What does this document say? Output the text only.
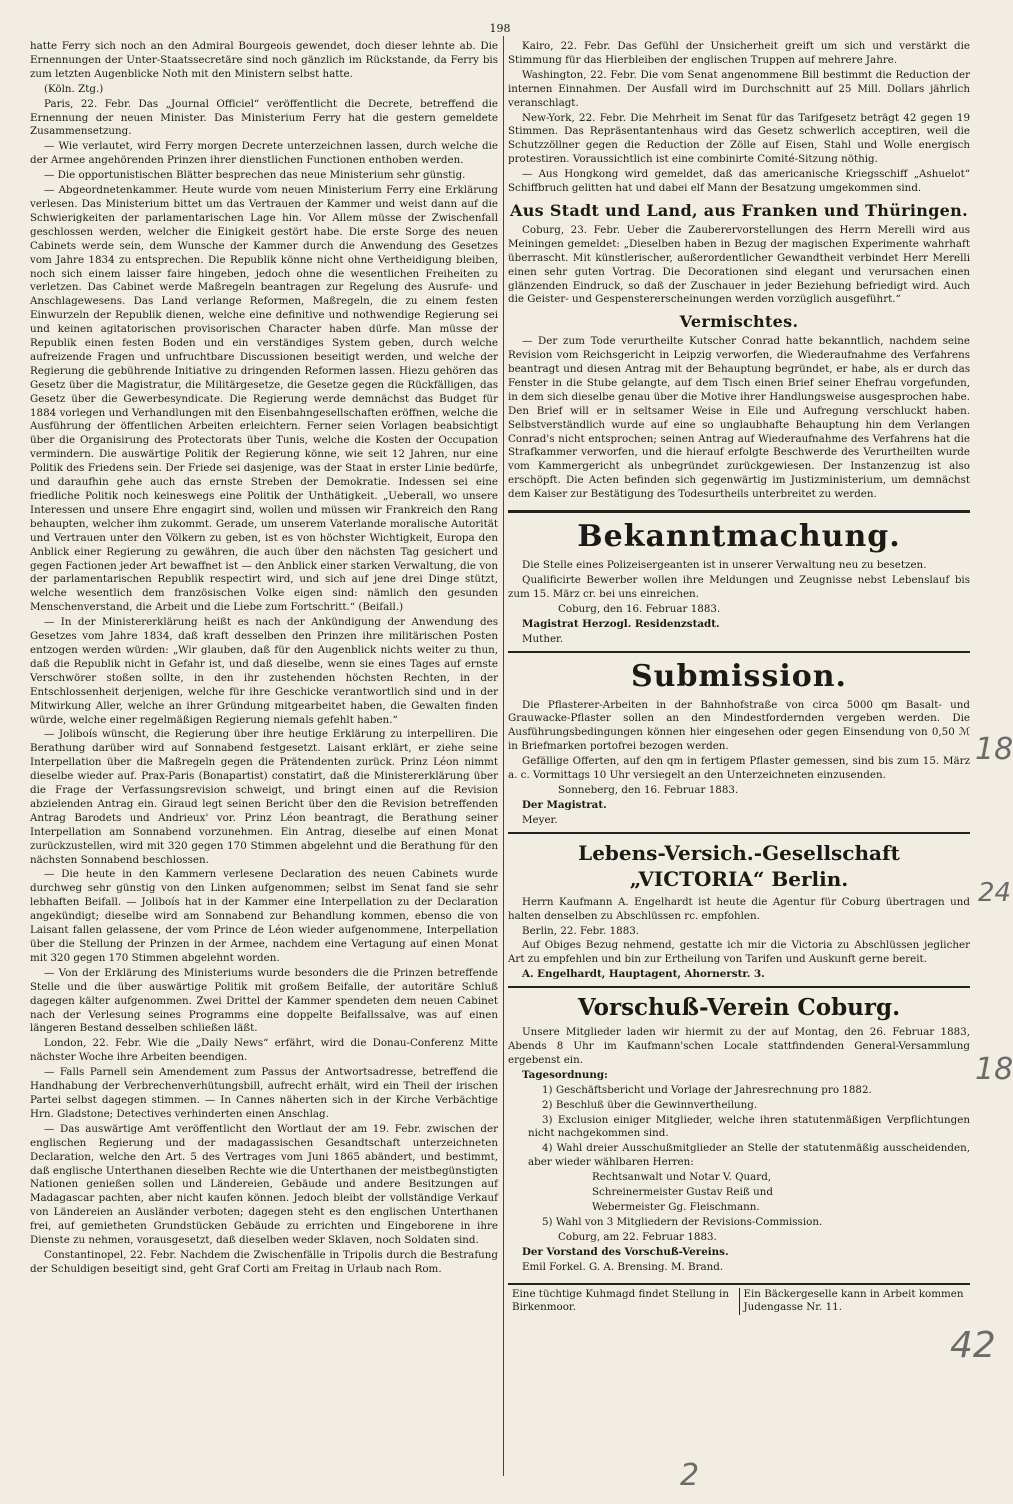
198

hatte Ferry sich noch an den Admiral Bourgeois gewendet, doch dieser lehnte ab. Die Ernennungen der Unter-Staatssecretäre sind noch gänzlich im Rückstande, da Ferry bis zum letzten Augenblicke Noth mit den Ministern selbst hatte.

(Köln. Ztg.)

Paris, 22. Febr. Das „Journal Officiel“ veröffentlicht die Decrete, betreffend die Ernennung der neuen Minister. Das Ministerium Ferry hat die gestern gemeldete Zusammensetzung.

— Wie verlautet, wird Ferry morgen Decrete unterzeichnen lassen, durch welche die der Armee angehörenden Prinzen ihrer dienstlichen Functionen enthoben werden.

— Die opportunistischen Blätter besprechen das neue Ministerium sehr günstig.

— Abgeordnetenkammer. Heute wurde vom neuen Ministerium Ferry eine Erklärung verlesen. Das Ministerium bittet um das Vertrauen der Kammer und weist dann auf die Schwierigkeiten der parlamentarischen Lage hin. Vor Allem müsse der Zwischenfall geschlossen werden, welcher die Einigkeit gestört habe. Die erste Sorge des neuen Cabinets werde sein, dem Wunsche der Kammer durch die Anwendung des Gesetzes vom Jahre 1834 zu entsprechen. Die Republik könne nicht ohne Vertheidigung bleiben, noch sich einem laisser faire hingeben, jedoch ohne die wesentlichen Freiheiten zu verletzen. Das Cabinet werde Maßregeln beantragen zur Regelung des Ausrufe- und Anschlagewesens. Das Land verlange Reformen, Maßregeln, die zu einem festen Einwurzeln der Republik dienen, welche eine definitive und nothwendige Regierung sei und keinen agitatorischen provisorischen Character haben dürfe. Man müsse der Republik einen festen Boden und ein verständiges System geben, durch welche aufreizende Fragen und unfruchtbare Discussionen beseitigt werden, und welche der Regierung die gebührende Initiative zu dringenden Reformen lassen. Hiezu gehören das Gesetz über die Magistratur, die Militärgesetze, die Gesetze gegen die Rückfälligen, das Gesetz über die Gewerbesyndicate. Die Regierung werde demnächst das Budget für 1884 vorlegen und Verhandlungen mit den Eisenbahngesellschaften eröffnen, welche die Ausführung der öffentlichen Arbeiten erleichtern. Ferner seien Vorlagen beabsichtigt über die Organisirung des Protectorats über Tunis, welche die Kosten der Occupation vermindern. Die auswärtige Politik der Regierung könne, wie seit 12 Jahren, nur eine Politik des Friedens sein. Der Friede sei dasjenige, was der Staat in erster Linie bedürfe, und daraufhin gehe auch das ernste Streben der Demokratie. Indessen sei eine friedliche Politik noch keineswegs eine Politik der Unthätigkeit. „Ueberall, wo unsere Interessen und unsere Ehre engagirt sind, wollen und müssen wir Frankreich den Rang behaupten, welcher ihm zukommt. Gerade, um unserem Vaterlande moralische Autorität und Vertrauen unter den Völkern zu geben, ist es von höchster Wichtigkeit, Europa den Anblick einer Regierung zu gewähren, die auch über den nächsten Tag gesichert und gegen Factionen jeder Art bewaffnet ist — den Anblick einer starken Verwaltung, die von der parlamentarischen Republik respectirt wird, und sich auf jene drei Dinge stützt, welche wesentlich dem französischen Volke eigen sind: nämlich den gesunden Menschenverstand, die Arbeit und die Liebe zum Fortschritt.“ (Beifall.)

— In der Ministererklärung heißt es nach der Ankündigung der Anwendung des Gesetzes vom Jahre 1834, daß kraft desselben den Prinzen ihre militärischen Posten entzogen werden würden: „Wir glauben, daß für den Augenblick nichts weiter zu thun, daß die Republik nicht in Gefahr ist, und daß dieselbe, wenn sie eines Tages auf ernste Verschwörer stoßen sollte, in den ihr zustehenden höchsten Rechten, in der Entschlossenheit derjenigen, welche für ihre Geschicke verantwortlich sind und in der Mitwirkung Aller, welche an ihrer Gründung mitgearbeitet haben, die Gewalten finden würde, welche einer regelmäßigen Regierung niemals gefehlt haben.“

— Joliboís wünscht, die Regierung über ihre heutige Erklärung zu interpelliren. Die Berathung darüber wird auf Sonnabend festgesetzt. Laisant erklärt, er ziehe seine Interpellation über die Maßregeln gegen die Prätendenten zurück. Prinz Léon nimmt dieselbe wieder auf. Prax-Paris (Bonapartist) constatirt, daß die Ministererklärung über die Frage der Verfassungsrevision schweigt, und bringt einen auf die Revision abzielenden Antrag ein. Giraud legt seinen Bericht über den die Revision betreffenden Antrag Barodets und Andrieux' vor. Prinz Léon beantragt, die Berathung seiner Interpellation am Sonnabend vorzunehmen. Ein Antrag, dieselbe auf einen Monat zurückzustellen, wird mit 320 gegen 170 Stimmen abgelehnt und die Berathung für den nächsten Sonnabend beschlossen.

— Die heute in den Kammern verlesene Declaration des neuen Cabinets wurde durchweg sehr günstig von den Linken aufgenommen; selbst im Senat fand sie sehr lebhaften Beifall. — Joliboís hat in der Kammer eine Interpellation zu der Declaration angekündigt; dieselbe wird am Sonnabend zur Behandlung kommen, ebenso die von Laisant fallen gelassene, der vom Prince de Léon wieder aufgenommene, Interpellation über die Stellung der Prinzen in der Armee, nachdem eine Vertagung auf einen Monat mit 320 gegen 170 Stimmen abgelehnt worden.

— Von der Erklärung des Ministeriums wurde besonders die die Prinzen betreffende Stelle und die über auswärtige Politik mit großem Beifalle, der autoritäre Schluß dagegen kälter aufgenommen. Zwei Drittel der Kammer spendeten dem neuen Cabinet nach der Verlesung seines Programms eine doppelte Beifallssalve, was auf einen längeren Bestand desselben schließen läßt.

London, 22. Febr. Wie die „Daily News“ erfährt, wird die Donau-Conferenz Mitte nächster Woche ihre Arbeiten beendigen.

— Falls Parnell sein Amendement zum Passus der Antwortsadresse, betreffend die Handhabung der Verbrechenverhütungsbill, aufrecht erhält, wird ein Theil der irischen Partei selbst dagegen stimmen. — In Cannes näherten sich in der Kirche Verbächtige Hrn. Gladstone; Detectives verhinderten einen Anschlag.

— Das auswärtige Amt veröffentlicht den Wortlaut der am 19. Febr. zwischen der englischen Regierung und der madagassischen Gesandtschaft unterzeichneten Declaration, welche den Art. 5 des Vertrages vom Juni 1865 abändert, und bestimmt, daß englische Unterthanen dieselben Rechte wie die Unterthanen der meistbegünstigten Nationen genießen sollen und Ländereien, Gebäude und andere Besitzungen auf Madagascar pachten, aber nicht kaufen können. Jedoch bleibt der vollständige Verkauf von Ländereien an Ausländer verboten; dagegen steht es den englischen Unterthanen frei, auf gemietheten Grundstücken Gebäude zu errichten und Eingeborene in ihre Dienste zu nehmen, vorausgesetzt, daß dieselben weder Sklaven, noch Soldaten sind.

Constantinopel, 22. Febr. Nachdem die Zwischenfälle in Tripolis durch die Bestrafung der Schuldigen beseitigt sind, geht Graf Corti am Freitag in Urlaub nach Rom.

Kairo, 22. Febr. Das Gefühl der Unsicherheit greift um sich und verstärkt die Stimmung für das Hierbleiben der englischen Truppen auf mehrere Jahre.

Washington, 22. Febr. Die vom Senat angenommene Bill bestimmt die Reduction der internen Einnahmen. Der Ausfall wird im Durchschnitt auf 25 Mill. Dollars jährlich veranschlagt.

New-York, 22. Febr. Die Mehrheit im Senat für das Tarifgesetz beträgt 42 gegen 19 Stimmen. Das Repräsentantenhaus wird das Gesetz schwerlich acceptiren, weil die Schutzzöllner gegen die Reduction der Zölle auf Eisen, Stahl und Wolle energisch protestiren. Voraussichtlich ist eine combinirte Comité-Sitzung nöthig.

— Aus Hongkong wird gemeldet, daß das americanische Kriegsschiff „Ashuelot“ Schiffbruch gelitten hat und dabei elf Mann der Besatzung umgekommen sind.

Aus Stadt und Land, aus Franken und Thüringen.

Coburg, 23. Febr. Ueber die Zauberervorstellungen des Herrn Merelli wird aus Meiningen gemeldet: „Dieselben haben in Bezug der magischen Experimente wahrhaft überrascht. Mit künstlerischer, außerordentlicher Gewandtheit verbindet Herr Merelli einen sehr guten Vortrag. Die Decorationen sind elegant und verursachen einen glänzenden Eindruck, so daß der Zuschauer in jeder Beziehung befriedigt wird. Auch die Geister- und Gespenstererscheinungen werden vorzüglich ausgeführt.“

Vermischtes.

— Der zum Tode verurtheilte Kutscher Conrad hatte bekanntlich, nachdem seine Revision vom Reichsgericht in Leipzig verworfen, die Wiederaufnahme des Verfahrens beantragt und diesen Antrag mit der Behauptung begründet, er habe, als er durch das Fenster in die Stube gelangte, auf dem Tisch einen Brief seiner Ehefrau vorgefunden, in dem sich dieselbe genau über die Motive ihrer Handlungsweise ausgesprochen habe. Den Brief will er in seltsamer Weise in Eile und Aufregung verschluckt haben. Selbstverständlich wurde auf eine so unglaubhafte Behauptung hin dem Verlangen Conrad's nicht entsprochen; seinen Antrag auf Wiederaufnahme des Verfahrens hat die Strafkammer verworfen, und die hierauf erfolgte Beschwerde des Verurtheilten wurde vom Kammergericht als unbegründet zurückgewiesen. Der Instanzenzug ist also erschöpft. Die Acten befinden sich gegenwärtig im Justizministerium, um demnächst dem Kaiser zur Bestätigung des Todesurtheils unterbreitet zu werden.

Bekanntmachung.

Die Stelle eines Polizeisergeanten ist in unserer Verwaltung neu zu besetzen.

Qualificirte Bewerber wollen ihre Meldungen und Zeugnisse nebst Lebenslauf bis zum 15. März cr. bei uns einreichen.

Coburg, den 16. Februar 1883.

Magistrat Herzogl. Residenzstadt.

Muther.

Submission.

Die Pflasterer-Arbeiten in der Bahnhofstraße von circa 5000 qm Basalt- und Grauwacke-Pflaster sollen an den Mindestfordernden vergeben werden. Die Ausführungsbedingungen können hier eingesehen oder gegen Einsendung von 0,50 ℳ in Briefmarken portofrei bezogen werden.

Gefällige Offerten, auf den qm in fertigem Pflaster gemessen, sind bis zum 15. März a. c. Vormittags 10 Uhr versiegelt an den Unterzeichneten einzusenden.

Sonneberg, den 16. Februar 1883.

Der Magistrat.

Meyer.

Lebens-Versich.-Gesellschaft „VICTORIA“ Berlin.

Herrn Kaufmann A. Engelhardt ist heute die Agentur für Coburg übertragen und halten denselben zu Abschlüssen rc. empfohlen.

Berlin, 22. Febr. 1883.

Auf Obiges Bezug nehmend, gestatte ich mir die Victoria zu Abschlüssen jeglicher Art zu empfehlen und bin zur Ertheilung von Tarifen und Auskunft gerne bereit.

A. Engelhardt, Hauptagent, Ahornerstr. 3.

Vorschuß-Verein Coburg.

Unsere Mitglieder laden wir hiermit zu der auf Montag, den 26. Februar 1883, Abends 8 Uhr im Kaufmann'schen Locale stattfindenden General-Versammlung ergebenst ein.

Tagesordnung:

1) Geschäftsbericht und Vorlage der Jahresrechnung pro 1882.

2) Beschluß über die Gewinnvertheilung.

3) Exclusion einiger Mitglieder, welche ihren statutenmäßigen Verpflichtungen nicht nachgekommen sind.

4) Wahl dreier Ausschußmitglieder an Stelle der statutenmäßig ausscheidenden, aber wieder wählbaren Herren:

Rechtsanwalt und Notar V. Quard,

Schreinermeister Gustav Reiß und

Webermeister Gg. Fleischmann.

5) Wahl von 3 Mitgliedern der Revisions-Commission.

Coburg, am 22. Februar 1883.

Der Vorstand des Vorschuß-Vereins.

Emil Forkel. G. A. Brensing. M. Brand.

Eine tüchtige Kuhmagd findet Stellung in Birkenmoor.
Ein Bäckergeselle kann in Arbeit kommen Judengasse Nr. 11.
18
24
18
42
2
